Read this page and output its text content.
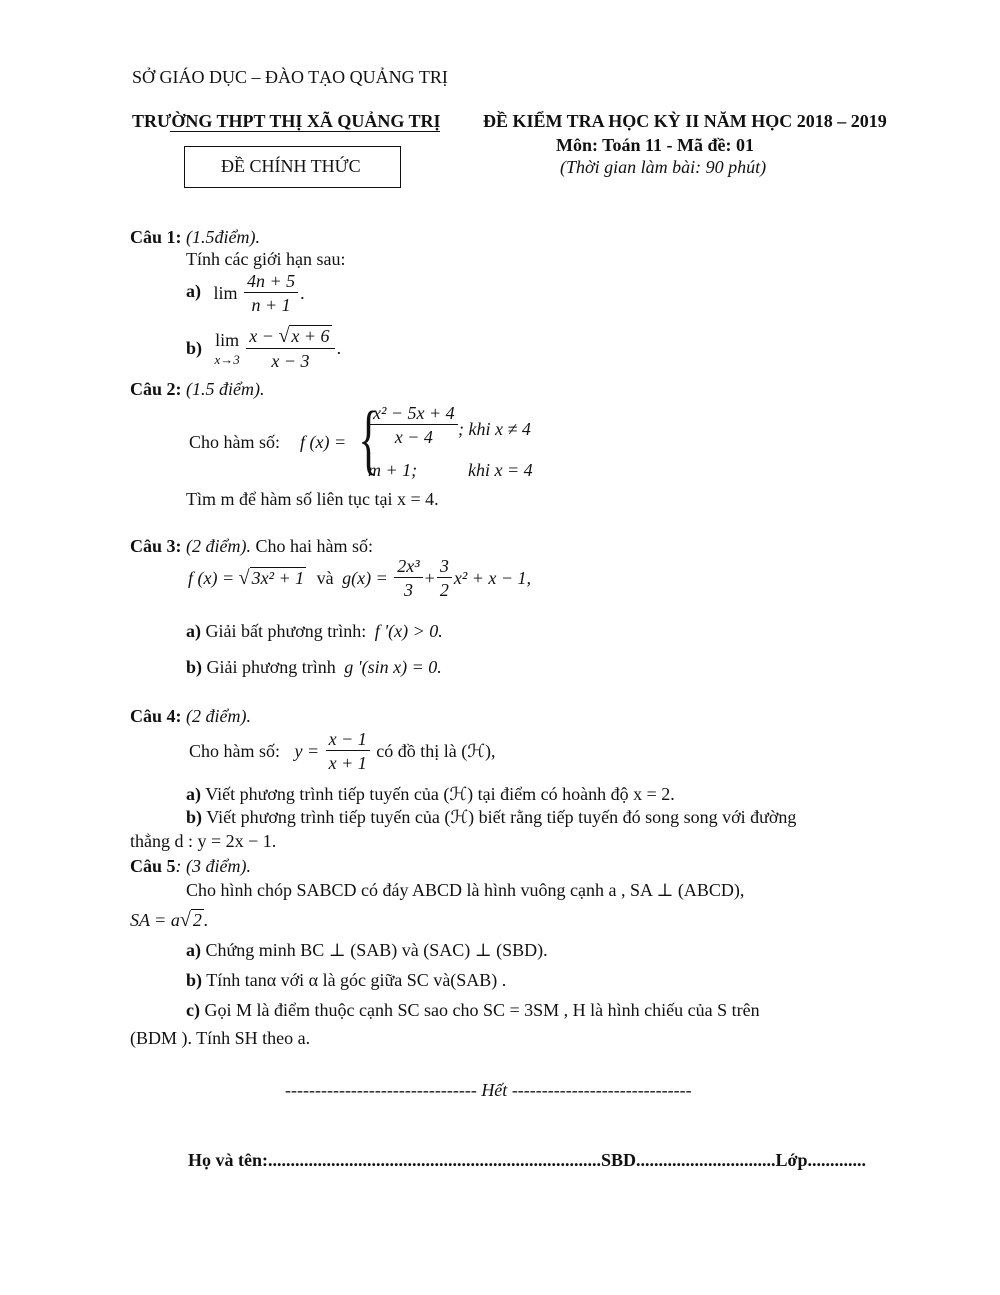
SỞ GIÁO DỤC – ĐÀO TẠO QUẢNG TRỊ
TRƯỜNG THPT THỊ XÃ QUẢNG TRỊ ĐỀ KIỂM TRA HỌC KỲ II NĂM HỌC 2018 – 2019
Môn: Toán 11 - Mã đề: 01
ĐỀ CHÍNH THỨC	(Thời gian làm bài: 90 phút)
Câu 1: (1.5điểm).
Tính các giới hạn sau:
a) $\lim \frac{4n + 5}{n + 1}$ .
b) lim
x→3
$\frac{x - √ x + 6}{x - 3}$ .
Câu 2: (1.5 điểm).
Cho hàm số: f (x) = {
$\frac{\text{x² − 5x + 4}}{x - 4}$ ; khi x ≠ 4
m + 1;	khi x = 4
Tìm m để hàm số liên tục tại x = 4.
Câu 3: (2 điểm). Cho hai hàm số:
f (x) = √ 3x² + 1 và $g(x) = \frac{\text{2x³}}{3} + \frac{3}{2} x^2 + x - 1$,
a) Giải bất phương trình: f '(x) > 0.
b) Giải phương trình g '(sin x) = 0.
Câu 4: (2 điểm).
Cho hàm số: $y = \frac{x - 1}{x + 1}$ có đồ thị là (ℋ),
a) Viết phương trình tiếp tuyến của (ℋ) tại điểm có hoành độ x = 2.
b) Viết phương trình tiếp tuyến của (ℋ) biết rằng tiếp tuyến đó song song với đường
thẳng d : y = 2x − 1.
Câu 5: (3 điểm).
Cho hình chóp SABCD có đáy ABCD là hình vuông cạnh a , SA ⊥ (ABCD),
SA = a√ 2 .
a) Chứng minh BC ⊥ (SAB) và (SAC) ⊥ (SBD).
b) Tính tanα với α là góc giữa SC và(SAB) .
c) Gọi M là điểm thuộc cạnh SC sao cho SC = 3SM , H là hình chiếu của S trên
(BDM ). Tính SH theo a.
-------------------------------- Hết ------------------------------
Họ và tên:..........................................................................SBD...............................Lớp.............
